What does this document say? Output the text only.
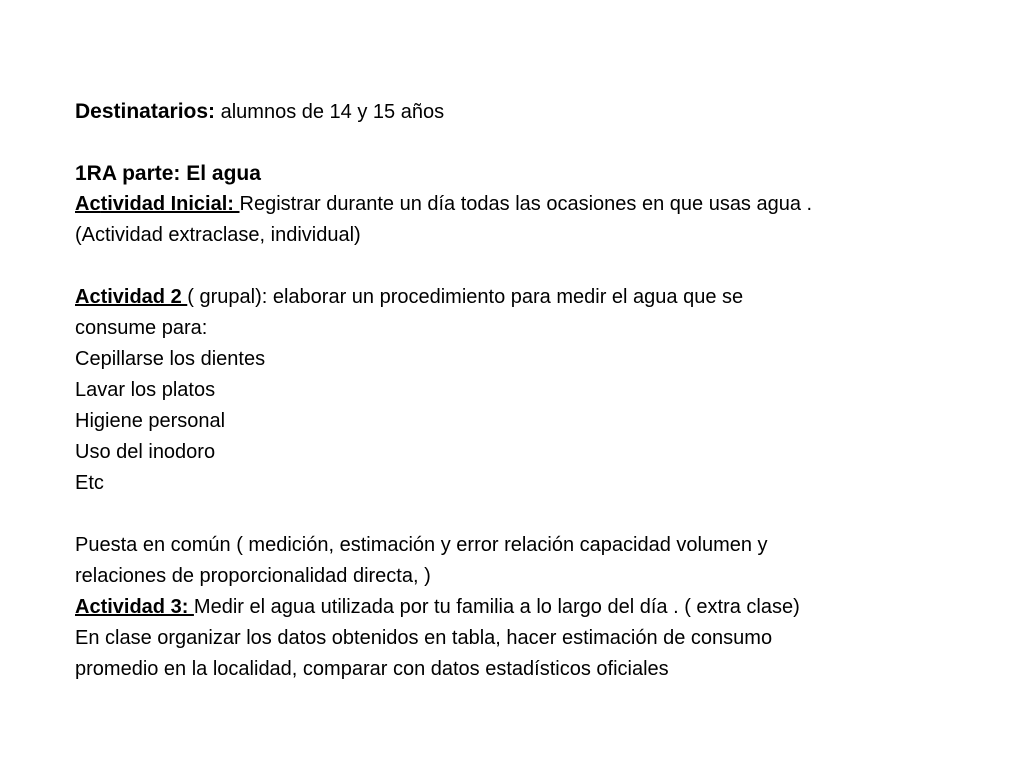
Destinatarios: alumnos de 14 y 15 años
1RA parte: El agua
Actividad Inicial: Registrar durante un día todas las ocasiones en que usas agua .
(Actividad extraclase, individual)
Actividad 2 ( grupal): elaborar un procedimiento para medir el agua que se
consume para:
Cepillarse los dientes
Lavar los platos
Higiene personal
Uso del inodoro
Etc
Puesta en común ( medición, estimación y error relación capacidad volumen y
relaciones de proporcionalidad directa, )
Actividad 3: Medir el agua utilizada por tu familia a lo largo del día . ( extra clase)
En clase organizar los datos obtenidos en tabla, hacer estimación de consumo
promedio en la localidad, comparar con datos estadísticos oficiales
